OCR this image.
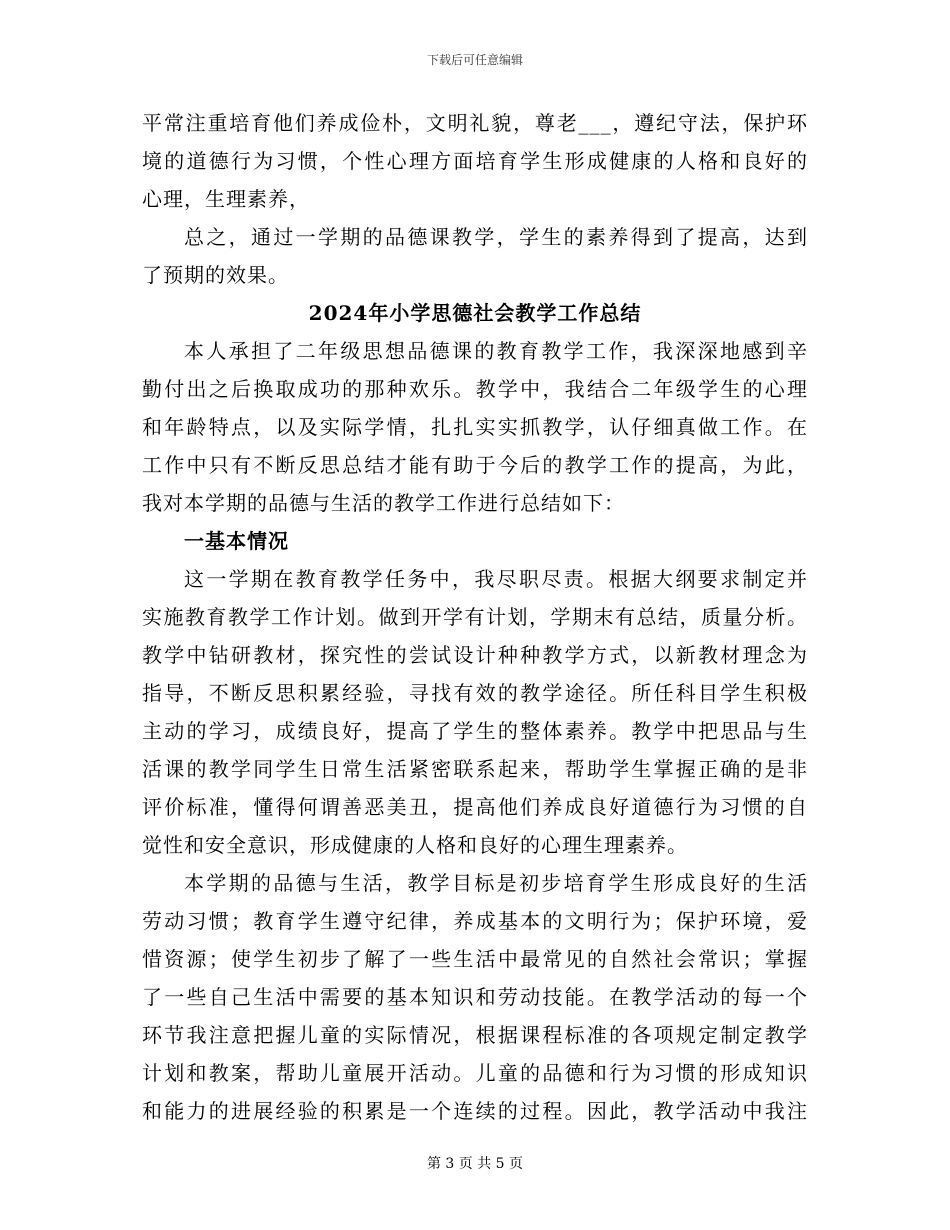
下载后可任意编辑
平常注重培育他们养成俭朴，文明礼貌，尊老___，遵纪守法，保护环
境的道德行为习惯，个性心理方面培育学生形成健康的人格和良好的
心理，生理素养，
总之，通过一学期的品德课教学，学生的素养得到了提高，达到
了预期的效果。
2024年小学思德社会教学工作总结
本人承担了二年级思想品德课的教育教学工作，我深深地感到辛
勤付出之后换取成功的那种欢乐。教学中，我结合二年级学生的心理
和年龄特点，以及实际学情，扎扎实实抓教学，认仔细真做工作。在
工作中只有不断反思总结才能有助于今后的教学工作的提高，为此，
我对本学期的品德与生活的教学工作进行总结如下：
一基本情况
这一学期在教育教学任务中，我尽职尽责。根据大纲要求制定并
实施教育教学工作计划。做到开学有计划，学期末有总结，质量分析。
教学中钻研教材，探究性的尝试设计种种教学方式，以新教材理念为
指导，不断反思积累经验，寻找有效的教学途径。所任科目学生积极
主动的学习，成绩良好，提高了学生的整体素养。教学中把思品与生
活课的教学同学生日常生活紧密联系起来，帮助学生掌握正确的是非
评价标准，懂得何谓善恶美丑，提高他们养成良好道德行为习惯的自
觉性和安全意识，形成健康的人格和良好的心理生理素养。
本学期的品德与生活，教学目标是初步培育学生形成良好的生活
劳动习惯；教育学生遵守纪律，养成基本的文明行为；保护环境，爱
惜资源；使学生初步了解了一些生活中最常见的自然社会常识；掌握
了一些自己生活中需要的基本知识和劳动技能。在教学活动的每一个
环节我注意把握儿童的实际情况，根据课程标准的各项规定制定教学
计划和教案，帮助儿童展开活动。儿童的品德和行为习惯的形成知识
和能力的进展经验的积累是一个连续的过程。因此，教学活动中我注
第 3 页 共 5 页
